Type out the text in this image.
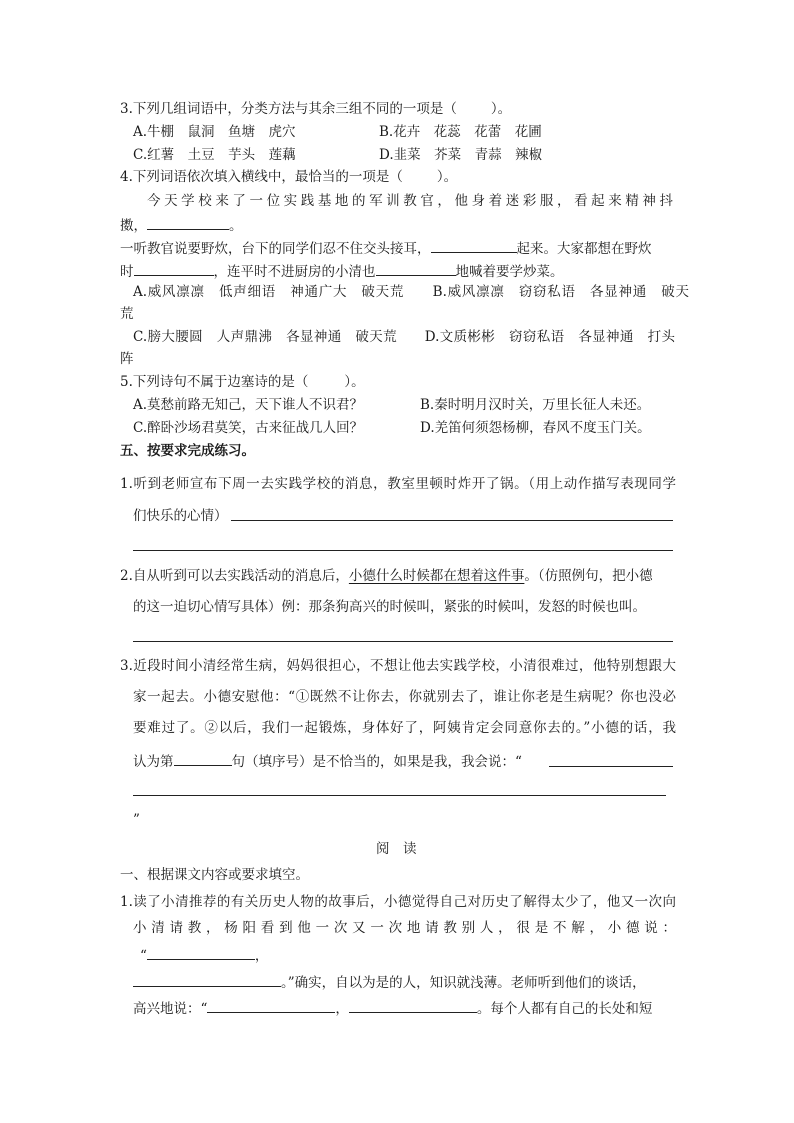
3.下列几组词语中，分类方法与其余三组不同的一项是（	）。
A.牛棚　鼠洞　鱼塘　虎穴	B.花卉　花蕊　花蕾　花圃
C.红薯　土豆　芋头　莲藕	D.韭菜　芥菜　青蒜　辣椒
4.下列词语依次填入横线中，最恰当的一项是（	）。
今天学校来了一位实践基地的军训教官，他身着迷彩服，看起来精神抖
擞，	。
一听教官说要野炊，台下的同学们忍不住交头接耳，	起来。大家都想在野炊
时	，连平时不进厨房的小清也	地喊着要学炒菜。
A.威风凛凛　低声细语　神通广大　破天荒　　B.威风凛凛　窃窃私语　各显神通　破天
荒
C.膀大腰圆　人声鼎沸　各显神通　破天荒　　D.文质彬彬　窃窃私语　各显神通　打头
阵
5.下列诗句不属于边塞诗的是（	）。
A.莫愁前路无知己，天下谁人不识君？	B.秦时明月汉时关，万里长征人未还。
C.醉卧沙场君莫笑，古来征战几人回？	D.羌笛何须怨杨柳，春风不度玉门关。
五、按要求完成练习。
1.听到老师宣布下周一去实践学校的消息，教室里顿时炸开了锅。（用上动作描写表现同学
们快乐的心情）
2.自从听到可以去实践活动的消息后，小德什么时候都在想着这件事。（仿照例句，把小德
的这一迫切心情写具体）例：那条狗高兴的时候叫，紧张的时候叫，发怒的时候也叫。
3.近段时间小清经常生病，妈妈很担心，不想让他去实践学校，小清很难过，他特别想跟大
家一起去。小德安慰他：“①既然不让你去，你就别去了，谁让你老是生病呢？你也没必
要难过了。②以后，我们一起锻炼，身体好了，阿姨肯定会同意你去的。”小德的话，我
认为第	句（填序号）是不恰当的，如果是我，我会说：“
”
阅　读
一、根据课文内容或要求填空。
1.读了小清推荐的有关历史人物的故事后，小德觉得自己对历史了解得太少了，他又一次向
小清请教，杨阳看到他一次又一次地请教别人，很是不解，小德说：
“	，
。”确实，自以为是的人，知识就浅薄。老师听到他们的谈话，
高兴地说：“	，	。每个人都有自己的长处和短
